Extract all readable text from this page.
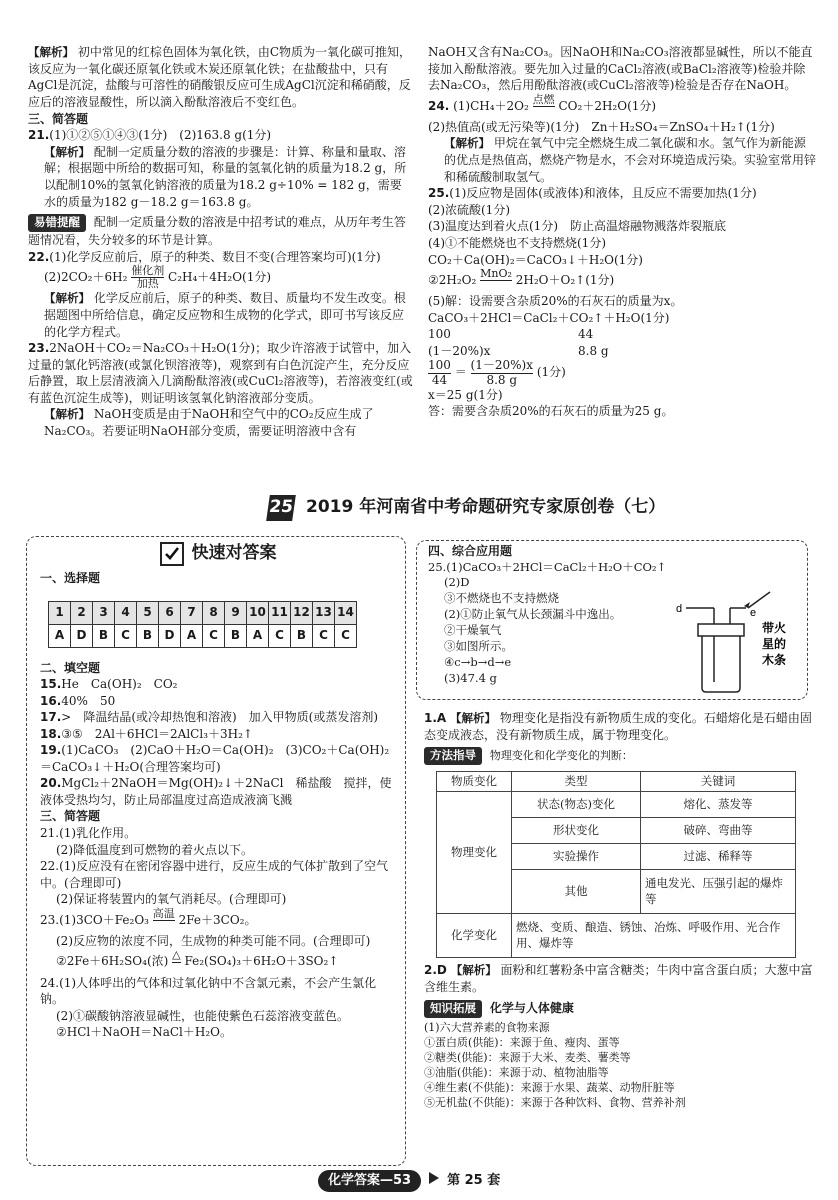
【解析】 初中常见的红棕色固体为氧化铁，由C物质为一氧化碳可推知，该反应为一氧化碳还原氧化铁或木炭还原氧化铁；在盐酸盐中，只有AgCl是沉淀，盐酸与可溶性的硝酸银反应可生成AgCl沉淀和稀硝酸，反应后的溶液显酸性，所以滴入酚酞溶液后不变红色。

三、简答题

21.(1)①②⑤①④③(1分)　(2)163.8 g(1分)

【解析】 配制一定质量分数的溶液的步骤是：计算、称量和量取、溶解；根据题中所给的数据可知，称量的氢氧化钠的质量为18.2 g，所以配制10%的氢氧化钠溶液的质量为18.2 g÷10% = 182 g，需要水的质量为182 g－18.2 g＝163.8 g。

易错提醒 配制一定质量分数的溶液是中招考试的难点，从历年考生答题情况看，失分较多的环节是计算。

22.(1)化学反应前后，原子的种类、数目不变(合理答案均可)(1分)

$(2)2CO_2+6H_2 \frac{\text{催化剂}}{\text{加热}} C_2H_4+4H_2O(1$分)

【解析】 化学反应前后，原子的种类、数目、质量均不发生改变。根据题图中所给信息，确定反应物和生成物的化学式，即可书写该反应的化学方程式。

23.2NaOH＋CO₂＝Na₂CO₃＋H₂O(1分)；取少许溶液于试管中，加入过量的氯化钙溶液(或氯化钡溶液等)，观察到有白色沉淀产生，充分反应后静置，取上层清液滴入几滴酚酞溶液(或CuCl₂溶液等)，若溶液变红(或有蓝色沉淀生成等)，则证明该氢氧化钠溶液部分变质。

【解析】 NaOH变质是由于NaOH和空气中的CO₂反应生成了Na₂CO₃。若要证明NaOH部分变质，需要证明溶液中含有

NaOH又含有Na₂CO₃。因NaOH和Na₂CO₃溶液都显碱性，所以不能直接加入酚酞溶液。要先加入过量的CaCl₂溶液(或BaCl₂溶液等)检验并除去Na₂CO₃，然后用酚酞溶液(或CuCl₂溶液等)检验是否存在NaOH。

24. (1)CH₄＋2O₂ 点燃
CO₂＋2H₂O(1分)

(2)热值高(或无污染等)(1分)　Zn＋H₂SO₄＝ZnSO₄＋H₂↑(1分)

【解析】 甲烷在氧气中完全燃烧生成二氧化碳和水。氢气作为新能源的优点是热值高，燃烧产物是水，不会对环境造成污染。实验室常用锌和稀硫酸制取氢气。

25.(1)反应物是固体(或液体)和液体，且反应不需要加热(1分)

(2)浓硫酸(1分)

(3)温度达到着火点(1分)　防止高温熔融物溅落炸裂瓶底

(4)①不能燃烧也不支持燃烧(1分)

CO₂＋Ca(OH)₂＝CaCO₃↓＋H₂O(1分)

②2H₂O₂ MnO₂
2H₂O＋O₂↑(1分)

(5)解：设需要含杂质20%的石灰石的质量为x。

CaCO₃＋2HCl＝CaCl₂＋CO₂↑＋H₂O(1分)

100	44

(1－20%)x	8.8 g

$\frac{100}{44} = \frac{(1-20\%)x}{8.8 g} (1$分)

x＝25 g(1分)

答：需要含杂质20%的石灰石的质量为25 g。

25 2019 年河南省中考命题研究专家原创卷（七）
快速对答案

一、选择题

1	2	3	4	5	6	7	8	9	10	11	12	13	14
A	D	B	C	B	D	A	C	B	A	C	B	C	C

二、填空题

15.He　Ca(OH)₂　CO₂

16.40%　50

17.>　降温结晶(或冷却热饱和溶液)　加入甲物质(或蒸发溶剂)

18.③⑤　2Al＋6HCl＝2AlCl₃＋3H₂↑

19.(1)CaCO₃　(2)CaO＋H₂O＝Ca(OH)₂　(3)CO₂＋Ca(OH)₂＝CaCO₃↓＋H₂O(合理答案均可)

20.MgCl₂＋2NaOH＝Mg(OH)₂↓＋2NaCl　稀盐酸　搅拌，使液体受热均匀，防止局部温度过高造成液滴飞溅

三、简答题

21.(1)乳化作用。

(2)降低温度到可燃物的着火点以下。

22.(1)反应没有在密闭容器中进行，反应生成的气体扩散到了空气中。(合理即可)

(2)保证将装置内的氧气消耗尽。(合理即可)

23.(1)3CO＋Fe₂O₃ 高温
2Fe＋3CO₂。

(2)反应物的浓度不同，生成物的种类可能不同。(合理即可)

②2Fe＋6H₂SO₄(浓) △
Fe₂(SO₄)₃＋6H₂O＋3SO₂↑

24.(1)人体呼出的气体和过氧化钠中不含氯元素，不会产生氯化钠。

(2)①碳酸钠溶液显碱性，也能使紫色石蕊溶液变蓝色。

②HCl＋NaOH＝NaCl＋H₂O。

四、综合应用题

25.(1)CaCO₃＋2HCl＝CaCl₂＋H₂O＋CO₂↑

(2)D

③不燃烧也不支持燃烧

(2)①防止氧气从长颈漏斗中逸出。

②干燥氧气

③如图所示。

④c→b→d→e

(3)47.4 g

d	e
带火
星的
木条

1.A 【解析】 物理变化是指没有新物质生成的变化。石蜡熔化是石蜡由固态变成液态，没有新物质生成，属于物理变化。

方法指导 物理变化和化学变化的判断：

物质变化	类型	关键词
物理变化	状态(物态)变化	熔化、蒸发等
	形状变化	破碎、弯曲等
	实验操作	过滤、稀释等
	其他	通电发光、压强引起的爆炸等
化学变化	燃烧、变质、酿造、锈蚀、冶炼、呼吸作用、光合作用、爆炸等	

2.D 【解析】 面粉和红薯粉条中富含糖类；牛肉中富含蛋白质；大葱中富含维生素。

知识拓展 化学与人体健康

(1)六大营养素的食物来源

①蛋白质(供能)：来源于鱼、瘦肉、蛋等

②糖类(供能)：来源于大米、麦类、薯类等

③油脂(供能)：来源于动、植物油脂等

④维生素(不供能)：来源于水果、蔬菜、动物肝脏等

⑤无机盐(不供能)：来源于各种饮料、食物、营养补剂

化学答案—53	第 25 套
